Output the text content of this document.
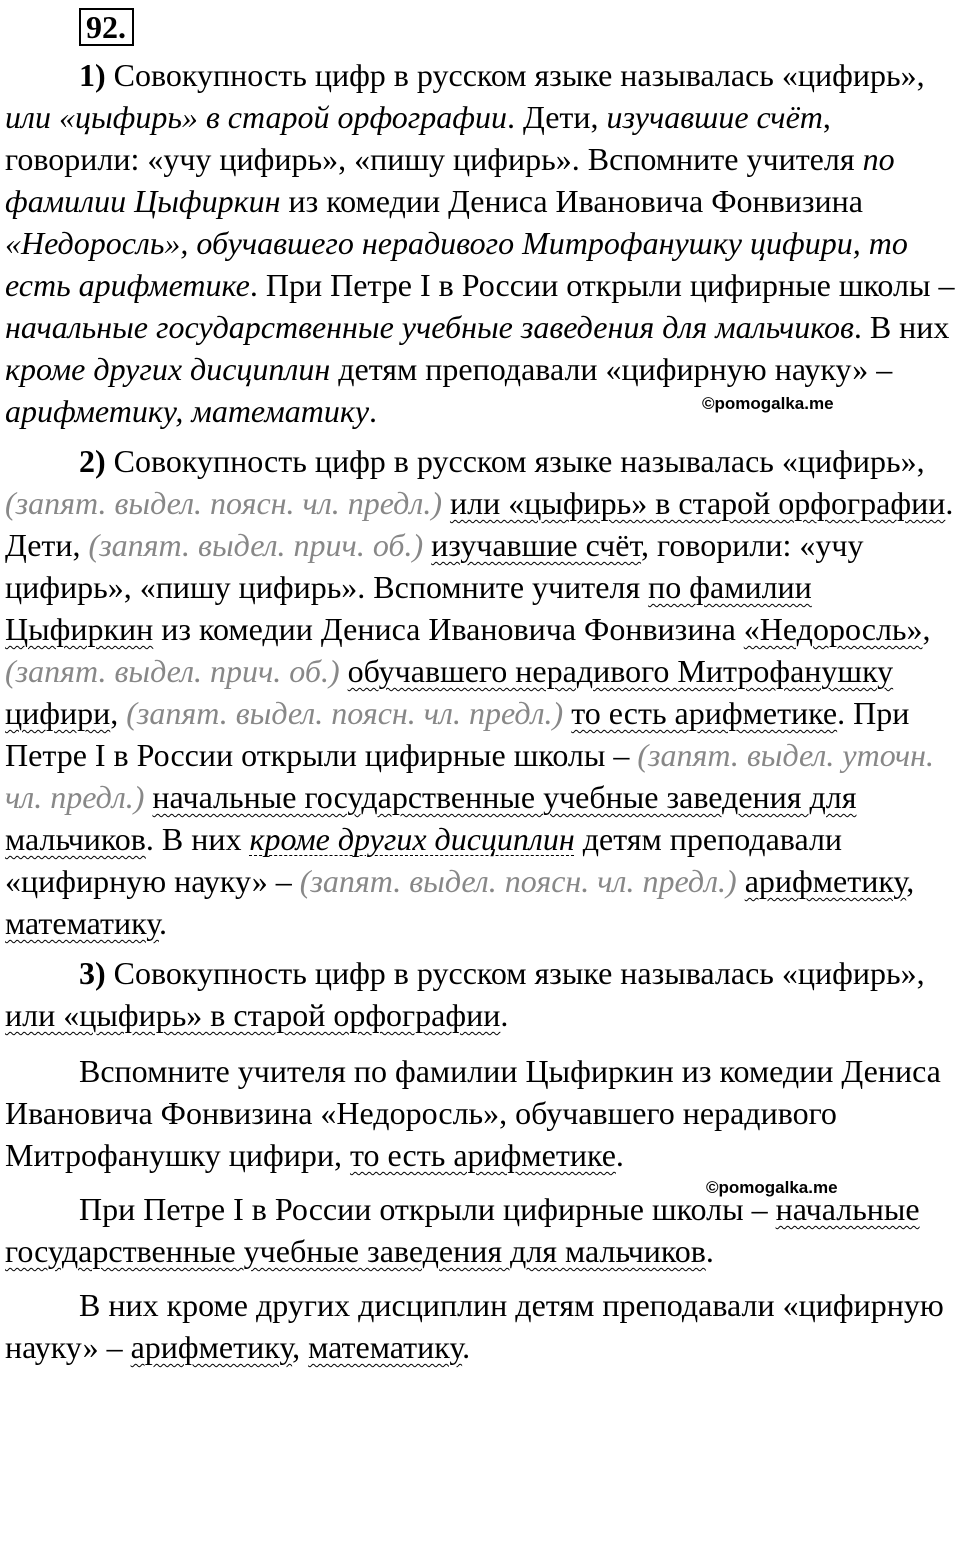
92.

1) Совокупность цифр в русском языке называлась «цифирь», или «цыфирь» в старой орфографии. Дети, изучавшие счёт, говорили: «учу цифирь», «пишу цифирь». Вспомните учителя по фамилии Цыфиркин из комедии Дениса Ивановича Фонвизина «Недоросль», обучавшего нерадивого Митрофанушку цифири, то есть арифметике. При Петре I в России открыли цифирные школы – начальные государственные учебные заведения для мальчиков. В них кроме других дисциплин детям преподавали «цифирную науку» – арифметику, математику.

2) Совокупность цифр в русском языке называлась «цифирь», (запят. выдел. поясн. чл. предл.) или «цыфирь» в старой орфографии. Дети, (запят. выдел. прич. об.) изучавшие счёт, говорили: «учу цифирь», «пишу цифирь». Вспомните учителя по фамилии Цыфиркин из комедии Дениса Ивановича Фонвизина «Недоросль», (запят. выдел. прич. об.) обучавшего нерадивого Митрофанушку цифири, (запят. выдел. поясн. чл. предл.) то есть арифметике. При Петре I в России открыли цифирные школы – (запят. выдел. уточн. чл. предл.) начальные государственные учебные заведения для мальчиков. В них кроме других дисциплин детям преподавали «цифирную науку» – (запят. выдел. поясн. чл. предл.) арифметику, математику.

3) Совокупность цифр в русском языке называлась «цифирь», или «цыфирь» в старой орфографии.

Вспомните учителя по фамилии Цыфиркин из комедии Дениса Ивановича Фонвизина «Недоросль», обучавшего нерадивого Митрофанушку цифири, то есть арифметике.

При Петре I в России открыли цифирные школы – начальные государственные учебные заведения для мальчиков.

В них кроме других дисциплин детям преподавали «цифирную науку» – арифметику, математику.

©pomogalka.me
©pomogalka.me
